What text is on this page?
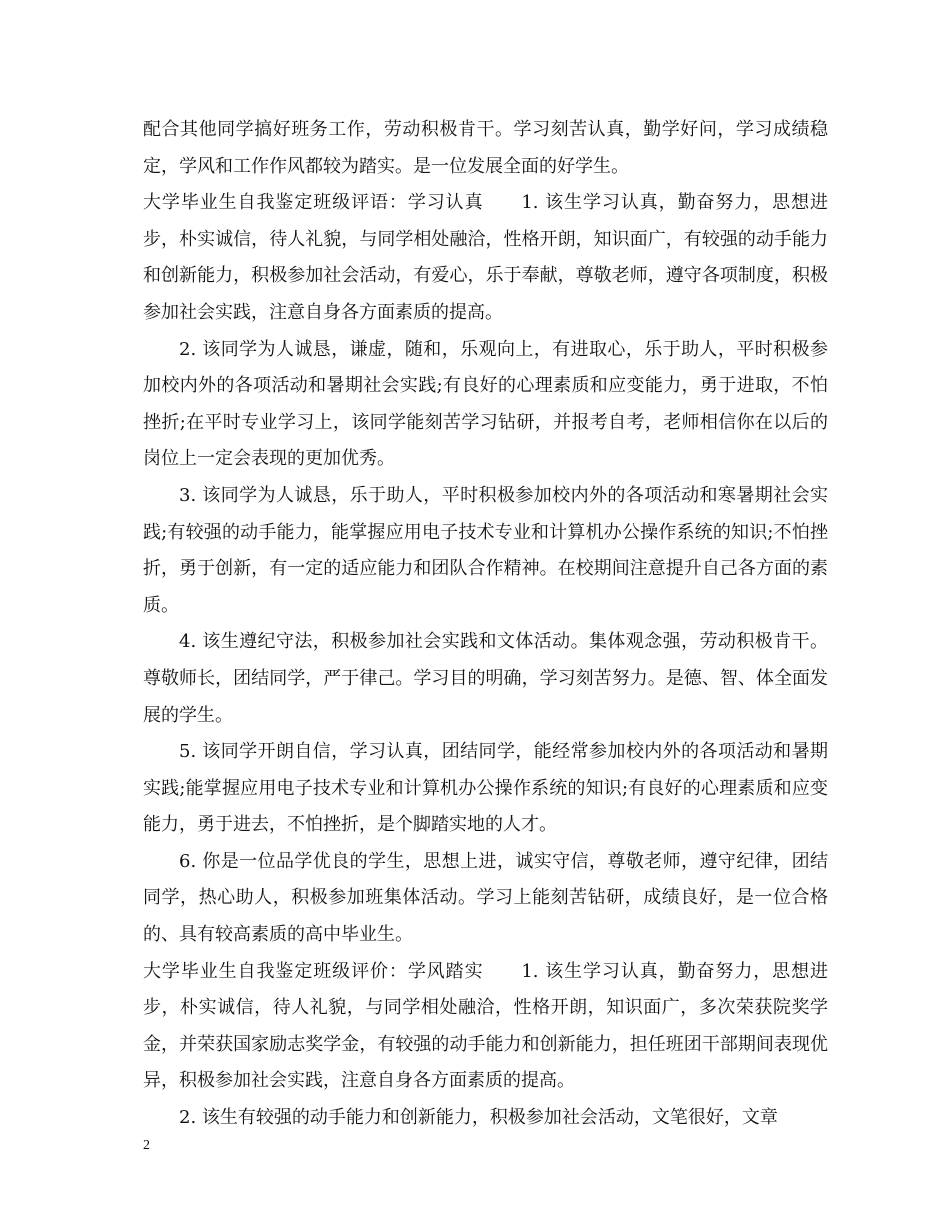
配合其他同学搞好班务工作，劳动积极肯干。学习刻苦认真，勤学好问，学习成绩稳定，学风和工作作风都较为踏实。是一位发展全面的好学生。

大学毕业生自我鉴定班级评语：学习认真　　1. 该生学习认真，勤奋努力，思想进步，朴实诚信，待人礼貌，与同学相处融洽，性格开朗，知识面广，有较强的动手能力和创新能力，积极参加社会活动，有爱心，乐于奉献，尊敬老师，遵守各项制度，积极参加社会实践，注意自身各方面素质的提高。

2. 该同学为人诚恳，谦虚，随和，乐观向上，有进取心，乐于助人，平时积极参加校内外的各项活动和暑期社会实践;有良好的心理素质和应变能力，勇于进取，不怕挫折;在平时专业学习上，该同学能刻苦学习钻研，并报考自考，老师相信你在以后的岗位上一定会表现的更加优秀。

3. 该同学为人诚恳，乐于助人，平时积极参加校内外的各项活动和寒暑期社会实践;有较强的动手能力，能掌握应用电子技术专业和计算机办公操作系统的知识;不怕挫折，勇于创新，有一定的适应能力和团队合作精神。在校期间注意提升自己各方面的素质。

4. 该生遵纪守法，积极参加社会实践和文体活动。集体观念强，劳动积极肯干。尊敬师长，团结同学，严于律己。学习目的明确，学习刻苦努力。是德、智、体全面发展的学生。

5. 该同学开朗自信，学习认真，团结同学，能经常参加校内外的各项活动和暑期实践;能掌握应用电子技术专业和计算机办公操作系统的知识;有良好的心理素质和应变能力，勇于进去，不怕挫折，是个脚踏实地的人才。

6. 你是一位品学优良的学生，思想上进，诚实守信，尊敬老师，遵守纪律，团结同学，热心助人，积极参加班集体活动。学习上能刻苦钻研，成绩良好，是一位合格的、具有较高素质的高中毕业生。

大学毕业生自我鉴定班级评价：学风踏实　　1. 该生学习认真，勤奋努力，思想进步，朴实诚信，待人礼貌，与同学相处融洽，性格开朗，知识面广，多次荣获院奖学金，并荣获国家励志奖学金，有较强的动手能力和创新能力，担任班团干部期间表现优异，积极参加社会实践，注意自身各方面素质的提高。

2. 该生有较强的动手能力和创新能力，积极参加社会活动，文笔很好，文章

2
